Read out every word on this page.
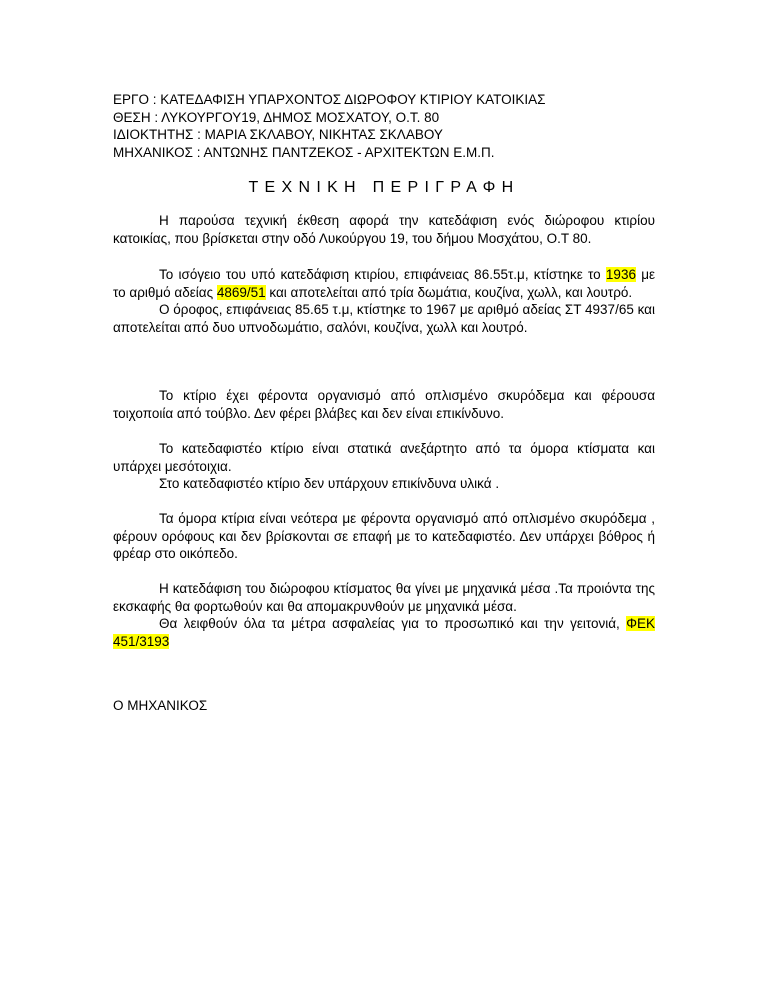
ΕΡΓΟ : ΚΑΤΕΔΑΦΙΣΗ ΥΠΑΡΧΟΝΤΟΣ ΔΙΩΡΟΦΟΥ ΚΤΙΡΙΟΥ ΚΑΤΟΙΚΙΑΣ
ΘΕΣΗ : ΛΥΚΟΥΡΓΟΥ19, ΔΗΜΟΣ ΜΟΣΧΑΤΟΥ, Ο.Τ. 80
ΙΔΙΟΚΤΗΤΗΣ : ΜΑΡΙΑ ΣΚΛΑΒΟΥ, ΝΙΚΗΤΑΣ ΣΚΛΑΒΟΥ
ΜΗΧΑΝΙΚΟΣ : ΑΝΤΩΝΗΣ ΠΑΝΤΖΕΚΟΣ - ΑΡΧΙΤΕΚΤΩΝ Ε.Μ.Π.
ΤΕΧΝΙΚΗ ΠΕΡΙΓΡΑΦΗ

Η παρούσα τεχνική έκθεση αφορά την κατεδάφιση ενός διώροφου κτιρίου κατοικίας, που βρίσκεται στην οδό Λυκούργου 19, του δήμου Μοσχάτου, Ο.Τ 80.

Το ισόγειο του υπό κατεδάφιση κτιρίου, επιφάνειας 86.55τ.μ, κτίστηκε το 1936 με το αριθμό αδείας 4869/51 και αποτελείται από τρία δωμάτια, κουζίνα, χωλλ, και λουτρό.

Ο όροφος, επιφάνειας 85.65 τ.μ, κτίστηκε το 1967 με αριθμό αδείας ΣΤ 4937/65 και αποτελείται από δυο υπνοδωμάτιο, σαλόνι, κουζίνα, χωλλ και λουτρό.

Το κτίριο έχει φέροντα οργανισμό από οπλισμένο σκυρόδεμα και φέρουσα τοιχοποιία από τούβλο. Δεν φέρει βλάβες και δεν είναι επικίνδυνο.

Το κατεδαφιστέο κτίριο είναι στατικά ανεξάρτητο από τα όμορα κτίσματα και υπάρχει μεσότοιχια.

Στο κατεδαφιστέο κτίριο δεν υπάρχουν επικίνδυνα υλικά .

Τα όμορα κτίρια είναι νεότερα με φέροντα οργανισμό από οπλισμένο σκυρόδεμα , φέρουν ορόφους και δεν βρίσκονται σε επαφή με το κατεδαφιστέο. Δεν υπάρχει βόθρος ή φρέαρ στο οικόπεδο.

Η κατεδάφιση του διώροφου κτίσματος θα γίνει με μηχανικά μέσα .Τα προιόντα της εκσκαφής θα φορτωθούν και θα απομακρυνθούν με μηχανικά μέσα.

Θα λειφθούν όλα τα μέτρα ασφαλείας για το προσωπικό και την γειτονιά, ΦΕΚ 451/3193

Ο ΜΗΧΑΝΙΚΟΣ
